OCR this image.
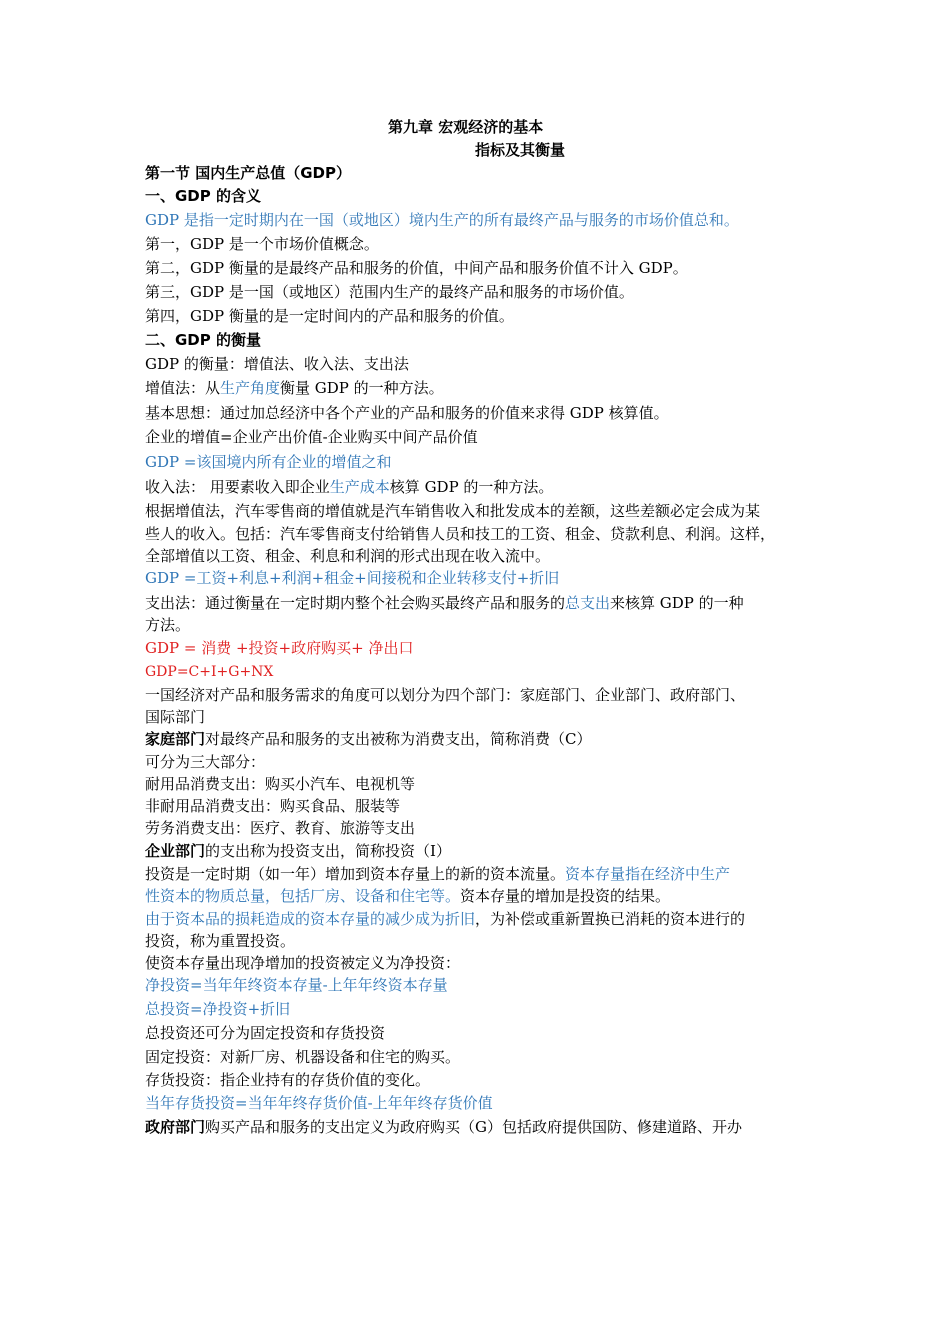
第九章 宏观经济的基本
指标及其衡量
第一节 国内生产总值（GDP）
一、GDP 的含义
GDP 是指一定时期内在一国（或地区）境内生产的所有最终产品与服务的市场价值总和。
第一，GDP 是一个市场价值概念。
第二，GDP 衡量的是最终产品和服务的价值，中间产品和服务价值不计入 GDP。
第三，GDP 是一国（或地区）范围内生产的最终产品和服务的市场价值。
第四，GDP 衡量的是一定时间内的产品和服务的价值。
二、GDP 的衡量
GDP 的衡量：增值法、收入法、支出法
增值法：从生产角度衡量 GDP 的一种方法。
基本思想：通过加总经济中各个产业的产品和服务的价值来求得 GDP 核算值。
企业的增值=企业产出价值-企业购买中间产品价值
GDP =该国境内所有企业的增值之和
收入法： 用要素收入即企业生产成本核算 GDP 的一种方法。
根据增值法，汽车零售商的增值就是汽车销售收入和批发成本的差额，这些差额必定会成为某
些人的收入。包括：汽车零售商支付给销售人员和技工的工资、租金、贷款利息、利润。这样，
全部增值以工资、租金、利息和利润的形式出现在收入流中。
GDP =工资+利息+利润+租金+间接税和企业转移支付+折旧
支出法：通过衡量在一定时期内整个社会购买最终产品和服务的总支出来核算 GDP 的一种
方法。
GDP = 消费 +投资+政府购买+ 净出口
GDP=C+I+G+NX
一国经济对产品和服务需求的角度可以划分为四个部门：家庭部门、企业部门、政府部门、
国际部门
家庭部门对最终产品和服务的支出被称为消费支出，简称消费（C）
可分为三大部分：
耐用品消费支出：购买小汽车、电视机等
非耐用品消费支出：购买食品、服装等
劳务消费支出：医疗、教育、旅游等支出
企业部门的支出称为投资支出，简称投资（I）
投资是一定时期（如一年）增加到资本存量上的新的资本流量。资本存量指在经济中生产
性资本的物质总量，包括厂房、设备和住宅等。资本存量的增加是投资的结果。
由于资本品的损耗造成的资本存量的减少成为折旧，为补偿或重新置换已消耗的资本进行的
投资，称为重置投资。
使资本存量出现净增加的投资被定义为净投资：
净投资=当年年终资本存量-上年年终资本存量
总投资=净投资+折旧
总投资还可分为固定投资和存货投资
固定投资：对新厂房、机器设备和住宅的购买。
存货投资：指企业持有的存货价值的变化。
当年存货投资=当年年终存货价值-上年年终存货价值
政府部门购买产品和服务的支出定义为政府购买（G）包括政府提供国防、修建道路、开办
